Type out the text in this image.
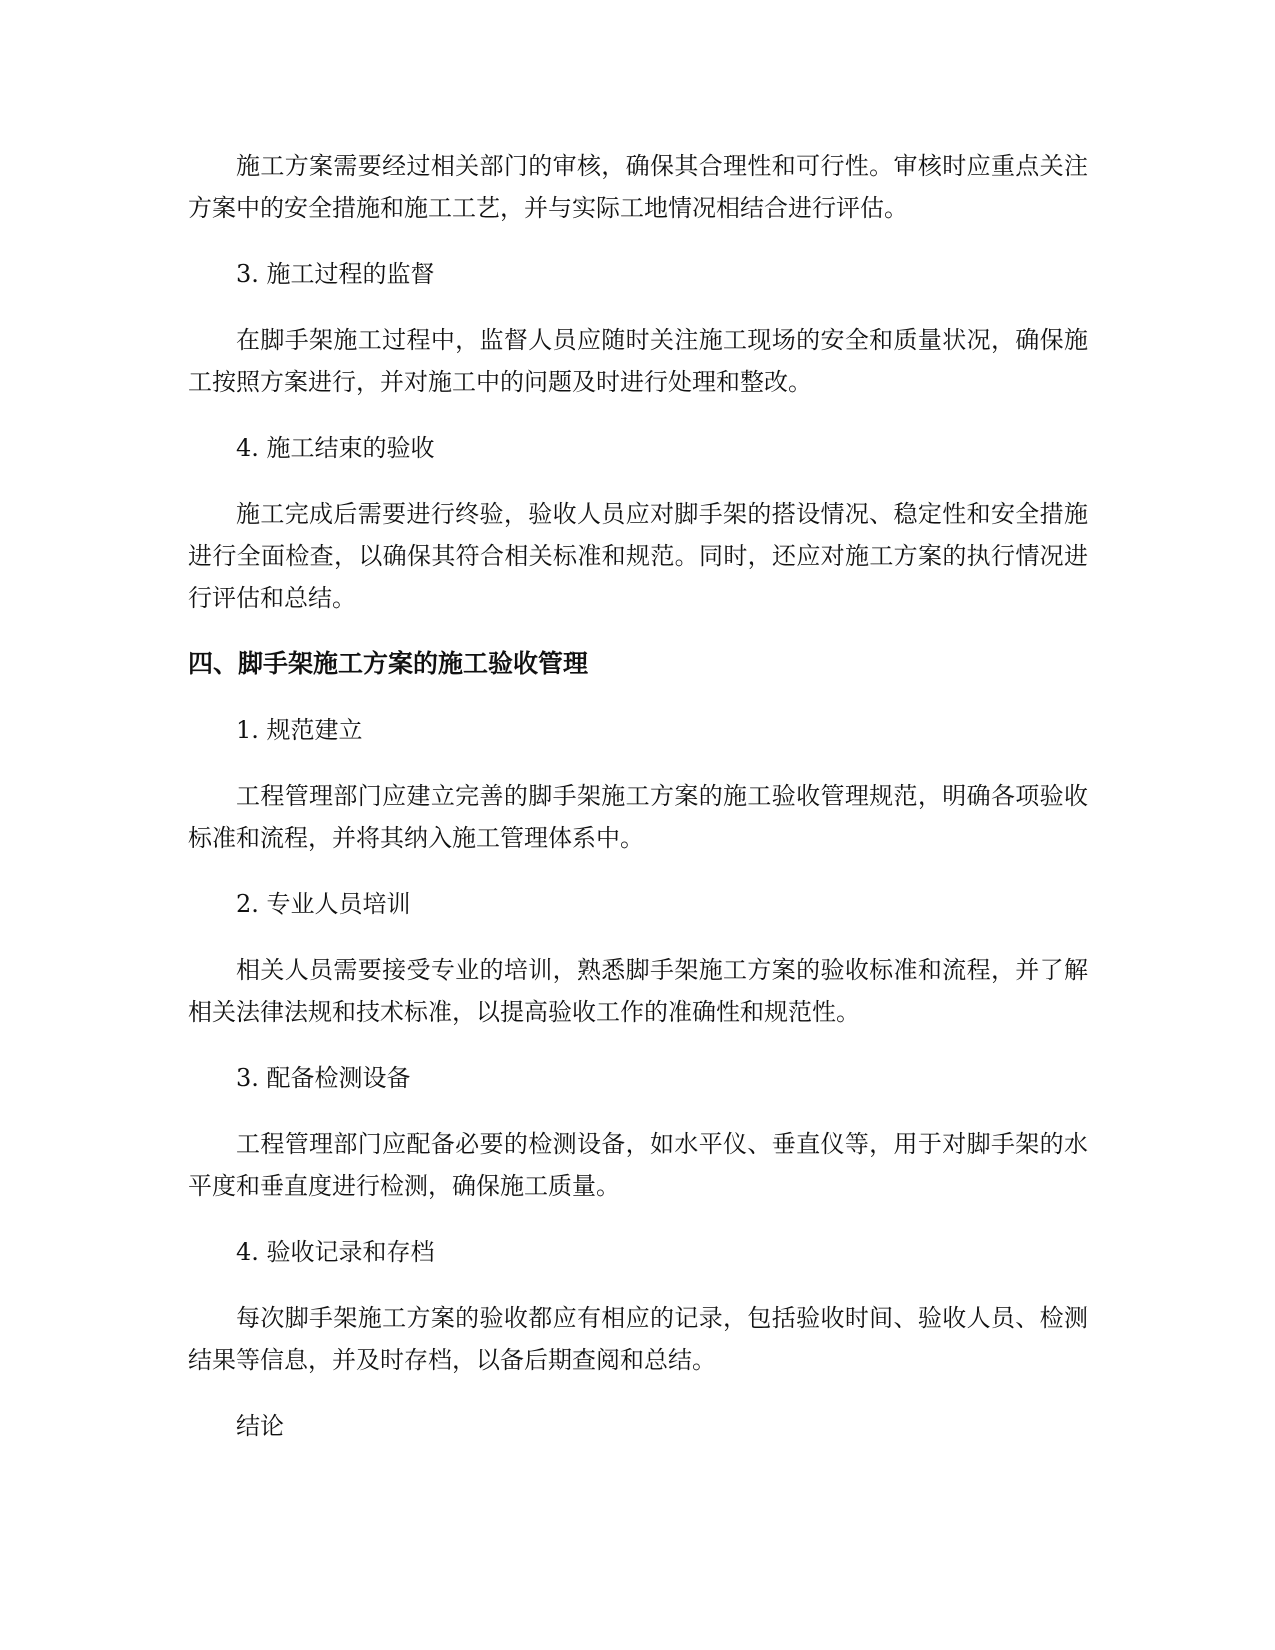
施工方案需要经过相关部门的审核，确保其合理性和可行性。审核时应重点关注方案中的安全措施和施工工艺，并与实际工地情况相结合进行评估。

3. 施工过程的监督

在脚手架施工过程中，监督人员应随时关注施工现场的安全和质量状况，确保施工按照方案进行，并对施工中的问题及时进行处理和整改。

4. 施工结束的验收

施工完成后需要进行终验，验收人员应对脚手架的搭设情况、稳定性和安全措施进行全面检查，以确保其符合相关标准和规范。同时，还应对施工方案的执行情况进行评估和总结。

四、脚手架施工方案的施工验收管理

1. 规范建立

工程管理部门应建立完善的脚手架施工方案的施工验收管理规范，明确各项验收标准和流程，并将其纳入施工管理体系中。

2. 专业人员培训

相关人员需要接受专业的培训，熟悉脚手架施工方案的验收标准和流程，并了解相关法律法规和技术标准，以提高验收工作的准确性和规范性。

3. 配备检测设备

工程管理部门应配备必要的检测设备，如水平仪、垂直仪等，用于对脚手架的水平度和垂直度进行检测，确保施工质量。

4. 验收记录和存档

每次脚手架施工方案的验收都应有相应的记录，包括验收时间、验收人员、检测结果等信息，并及时存档，以备后期查阅和总结。

结论
